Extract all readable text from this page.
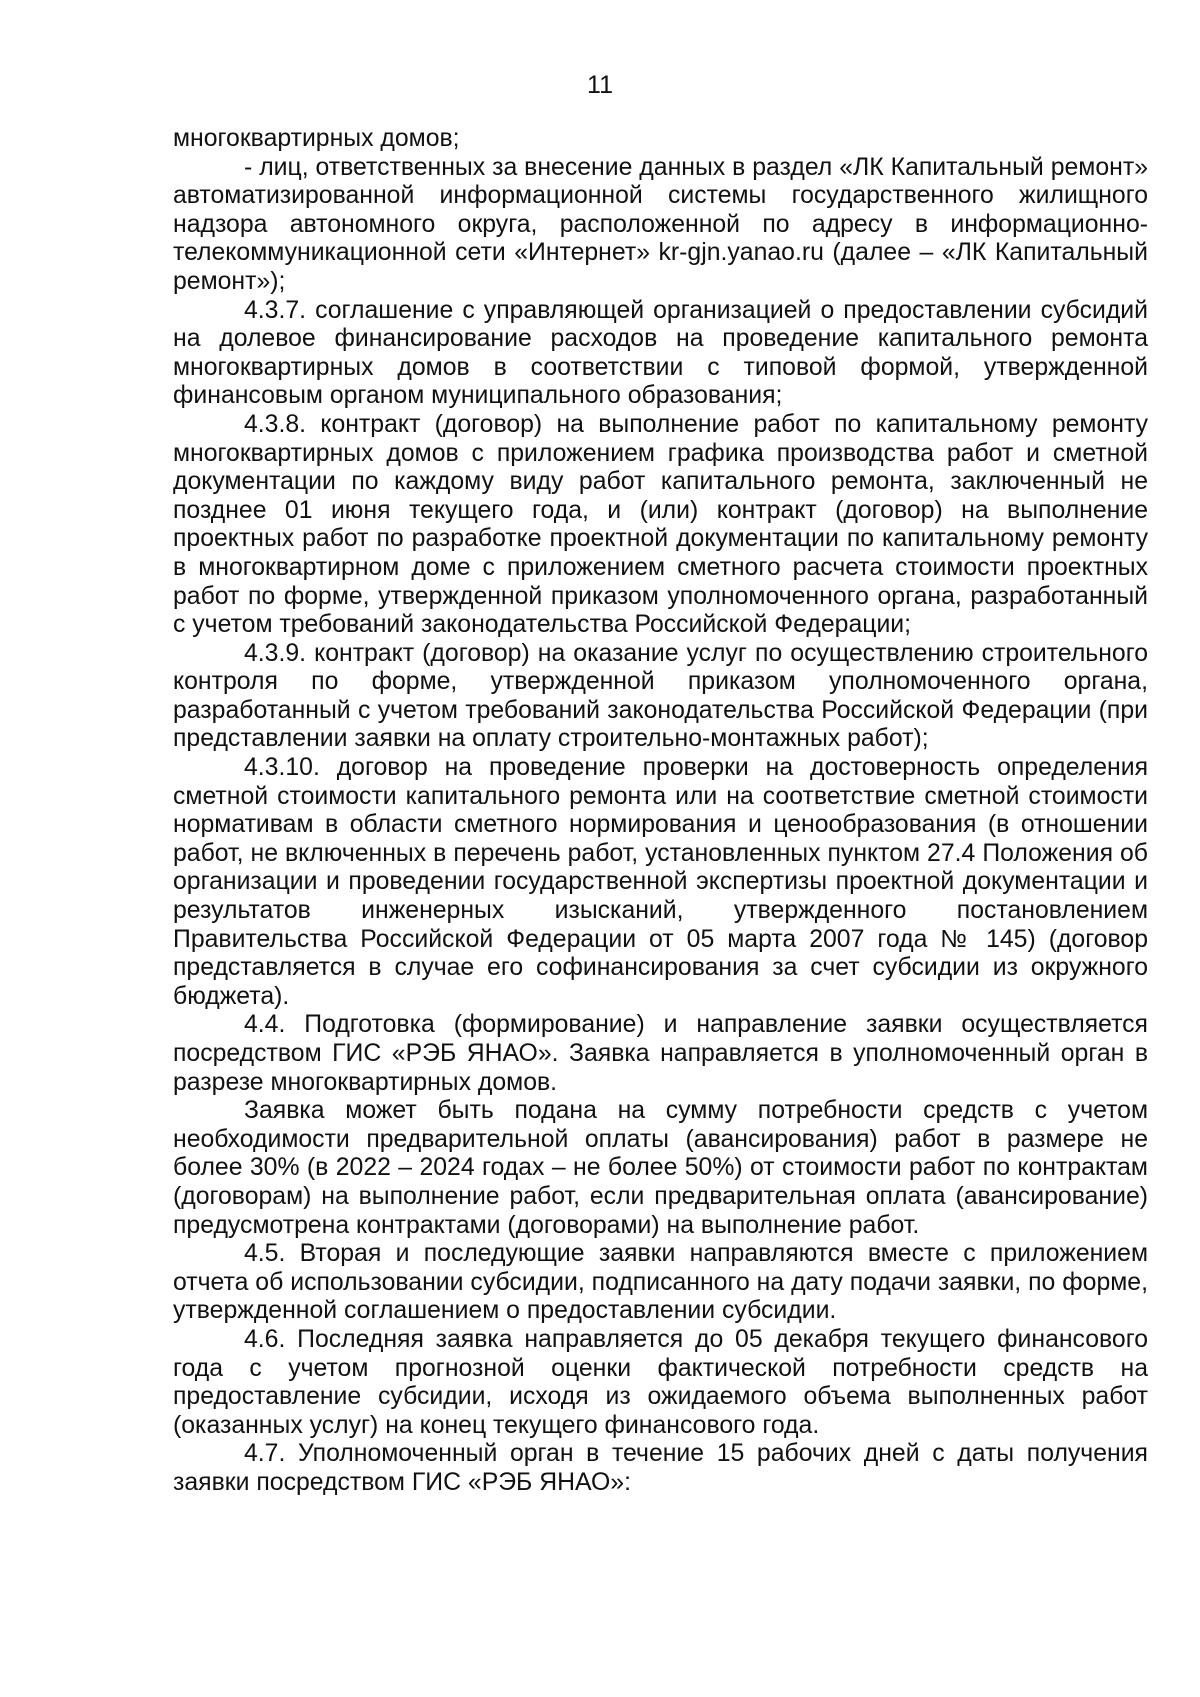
11

многоквартирных домов;

- лиц, ответственных за внесение данных в раздел «ЛК Капитальный ремонт» автоматизированной информационной системы государственного жилищного надзора автономного округа, расположенной по адресу в информационно-телекоммуникационной сети «Интернет» kr-gjn.yanao.ru (далее – «ЛК Капитальный ремонт»);

4.3.7. соглашение с управляющей организацией о предоставлении субсидий на долевое финансирование расходов на проведение капитального ремонта многоквартирных домов в соответствии с типовой формой, утвержденной финансовым органом муниципального образования;

4.3.8. контракт (договор) на выполнение работ по капитальному ремонту многоквартирных домов с приложением графика производства работ и сметной документации по каждому виду работ капитального ремонта, заключенный не позднее 01 июня текущего года, и (или) контракт (договор) на выполнение проектных работ по разработке проектной документации по капитальному ремонту в многоквартирном доме с приложением сметного расчета стоимости проектных работ по форме, утвержденной приказом уполномоченного органа, разработанный с учетом требований законодательства Российской Федерации;

4.3.9. контракт (договор) на оказание услуг по осуществлению строительного контроля по форме, утвержденной приказом уполномоченного органа, разработанный с учетом требований законодательства Российской Федерации (при представлении заявки на оплату строительно-монтажных работ);

4.3.10. договор на проведение проверки на достоверность определения сметной стоимости капитального ремонта или на соответствие сметной стоимости нормативам в области сметного нормирования и ценообразования (в отношении работ, не включенных в перечень работ, установленных пунктом 27.4 Положения об организации и проведении государственной экспертизы проектной документации и результатов инженерных изысканий, утвержденного постановлением Правительства Российской Федерации от 05 марта 2007 года № 145) (договор представляется в случае его софинансирования за счет субсидии из окружного бюджета).

4.4. Подготовка (формирование) и направление заявки осуществляется посредством ГИС «РЭБ ЯНАО». Заявка направляется в уполномоченный орган в разрезе многоквартирных домов.

Заявка может быть подана на сумму потребности средств с учетом необходимости предварительной оплаты (авансирования) работ в размере не более 30% (в 2022 – 2024 годах – не более 50%) от стоимости работ по контрактам (договорам) на выполнение работ, если предварительная оплата (авансирование) предусмотрена контрактами (договорами) на выполнение работ.

4.5. Вторая и последующие заявки направляются вместе с приложением отчета об использовании субсидии, подписанного на дату подачи заявки, по форме, утвержденной соглашением о предоставлении субсидии.

4.6. Последняя заявка направляется до 05 декабря текущего финансового года с учетом прогнозной оценки фактической потребности средств на предоставление субсидии, исходя из ожидаемого объема выполненных работ (оказанных услуг) на конец текущего финансового года.

4.7. Уполномоченный орган в течение 15 рабочих дней с даты получения заявки посредством ГИС «РЭБ ЯНАО»:
